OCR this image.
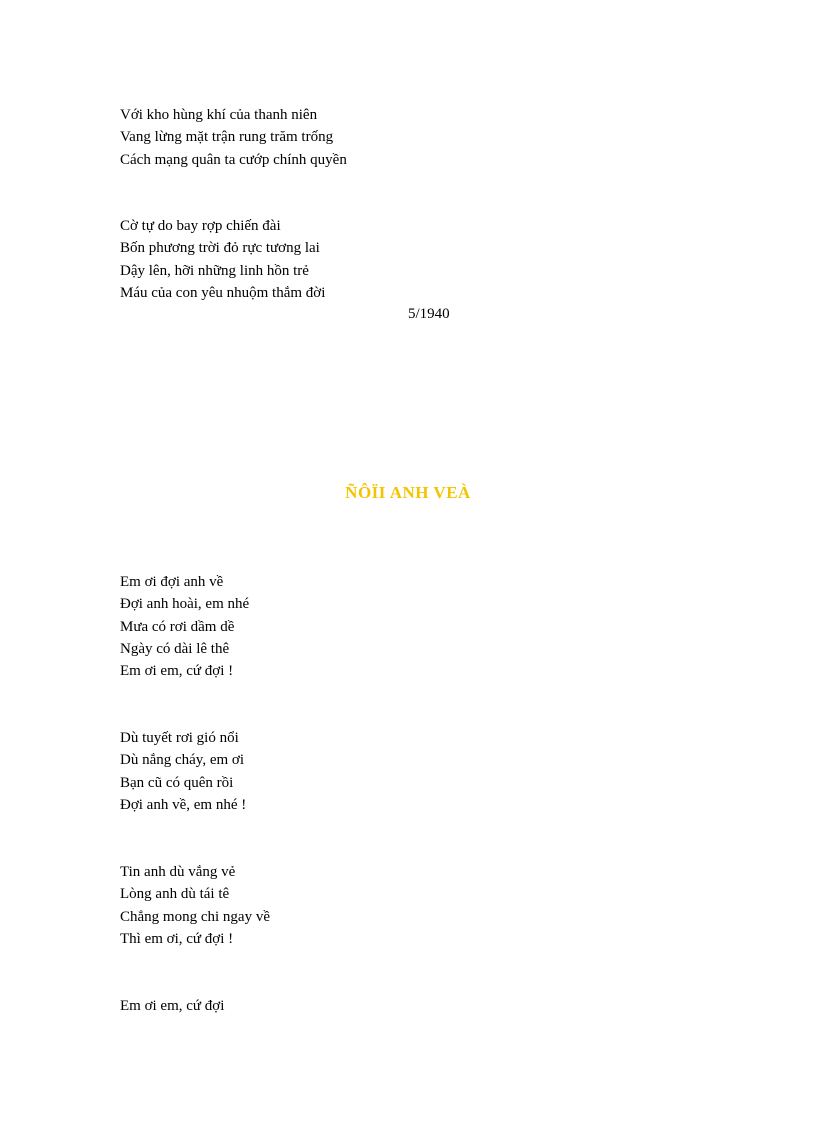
Với kho hùng khí của thanh niên
Vang lừng mặt trận rung trăm trống
Cách mạng quân ta cướp chính quyền
Cờ tự do bay rợp chiến đài
Bốn phương trời đỏ rực tương lai
Dậy lên, hỡi những linh hồn trẻ
Máu của con yêu nhuộm thắm đời
5/1940
ÑÔÏI ANH VEÀ
Em ơi đợi anh về
Đợi anh hoài, em nhé
Mưa có rơi dầm dề
Ngày có dài lê thê
Em ơi em, cứ đợi !
Dù tuyết rơi gió nổi
Dù nắng cháy, em ơi
Bạn cũ có quên rồi
Đợi anh về, em nhé !
Tin anh dù vắng vẻ
Lòng anh dù tái tê
Chẳng mong chi ngay về
Thì em ơi, cứ đợi !
Em ơi em, cứ đợi
